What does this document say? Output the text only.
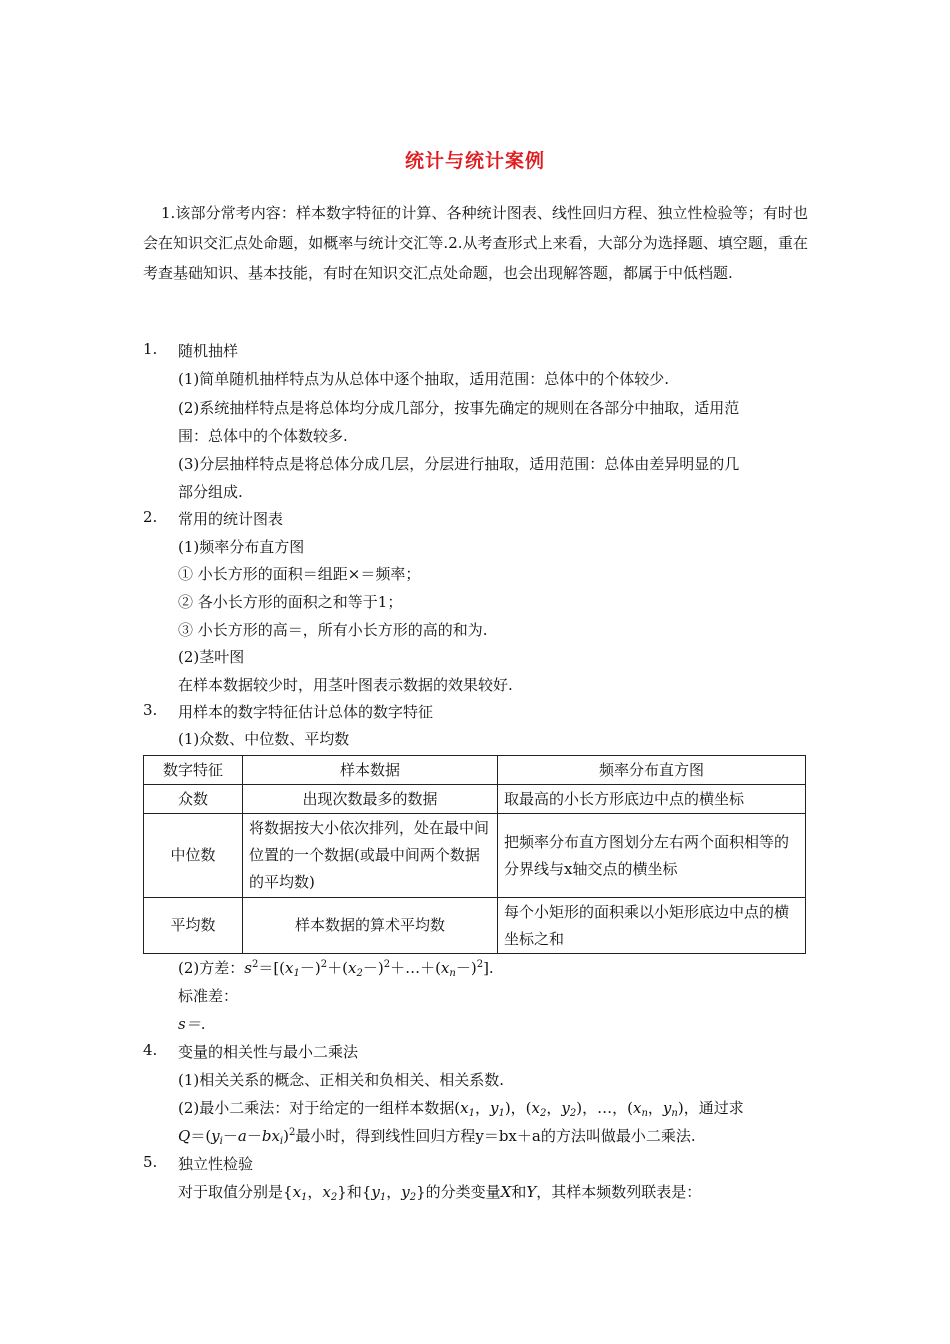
统计与统计案例
1.该部分常考内容：样本数字特征的计算、各种统计图表、线性回归方程、独立性检验等；有时也会在知识交汇点处命题，如概率与统计交汇等.2.从考查形式上来看，大部分为选择题、填空题，重在考查基础知识、基本技能，有时在知识交汇点处命题，也会出现解答题，都属于中低档题.
1. 随机抽样
(1)简单随机抽样特点为从总体中逐个抽取，适用范围：总体中的个体较少.
(2)系统抽样特点是将总体均分成几部分，按事先确定的规则在各部分中抽取，适用范
围：总体中的个体数较多.
(3)分层抽样特点是将总体分成几层，分层进行抽取，适用范围：总体由差异明显的几
部分组成.
2. 常用的统计图表
(1)频率分布直方图
① 小长方形的面积＝组距×＝频率；
② 各小长方形的面积之和等于1；
③ 小长方形的高＝，所有小长方形的高的和为.
(2)茎叶图
在样本数据较少时，用茎叶图表示数据的效果较好.
3. 用样本的数字特征估计总体的数字特征
(1)众数、中位数、平均数
数字特征	样本数据	频率分布直方图
众数	出现次数最多的数据	取最高的小长方形底边中点的横坐标
中位数	将数据按大小依次排列，处在最中间位置的一个数据(或最中间两个数据的平均数)	把频率分布直方图划分左右两个面积相等的分界线与x轴交点的横坐标
平均数	样本数据的算术平均数	每个小矩形的面积乘以小矩形底边中点的横坐标之和
(2)方差：$s^2=[(x_1-)^2+(x_2-)^2+\dots+(x_n-)^2]$.
标准差：
s＝.
4. 变量的相关性与最小二乘法
(1)相关关系的概念、正相关和负相关、相关系数.
(2)最小二乘法：对于给定的一组样本数据($x_1$，$y_1$)，($x_2$，$y_2$)，…，($x_n$，$y_n$)，通过求
$Q=(y_i-a-bx_i)^2$最小时，得到线性回归方程y＝bx＋a的方法叫做最小二乘法.
5. 独立性检验
对于取值分别是{$x_1$，$x_2$}和{$y_1$，$y_2$}的分类变量X和Y，其样本频数列联表是：
